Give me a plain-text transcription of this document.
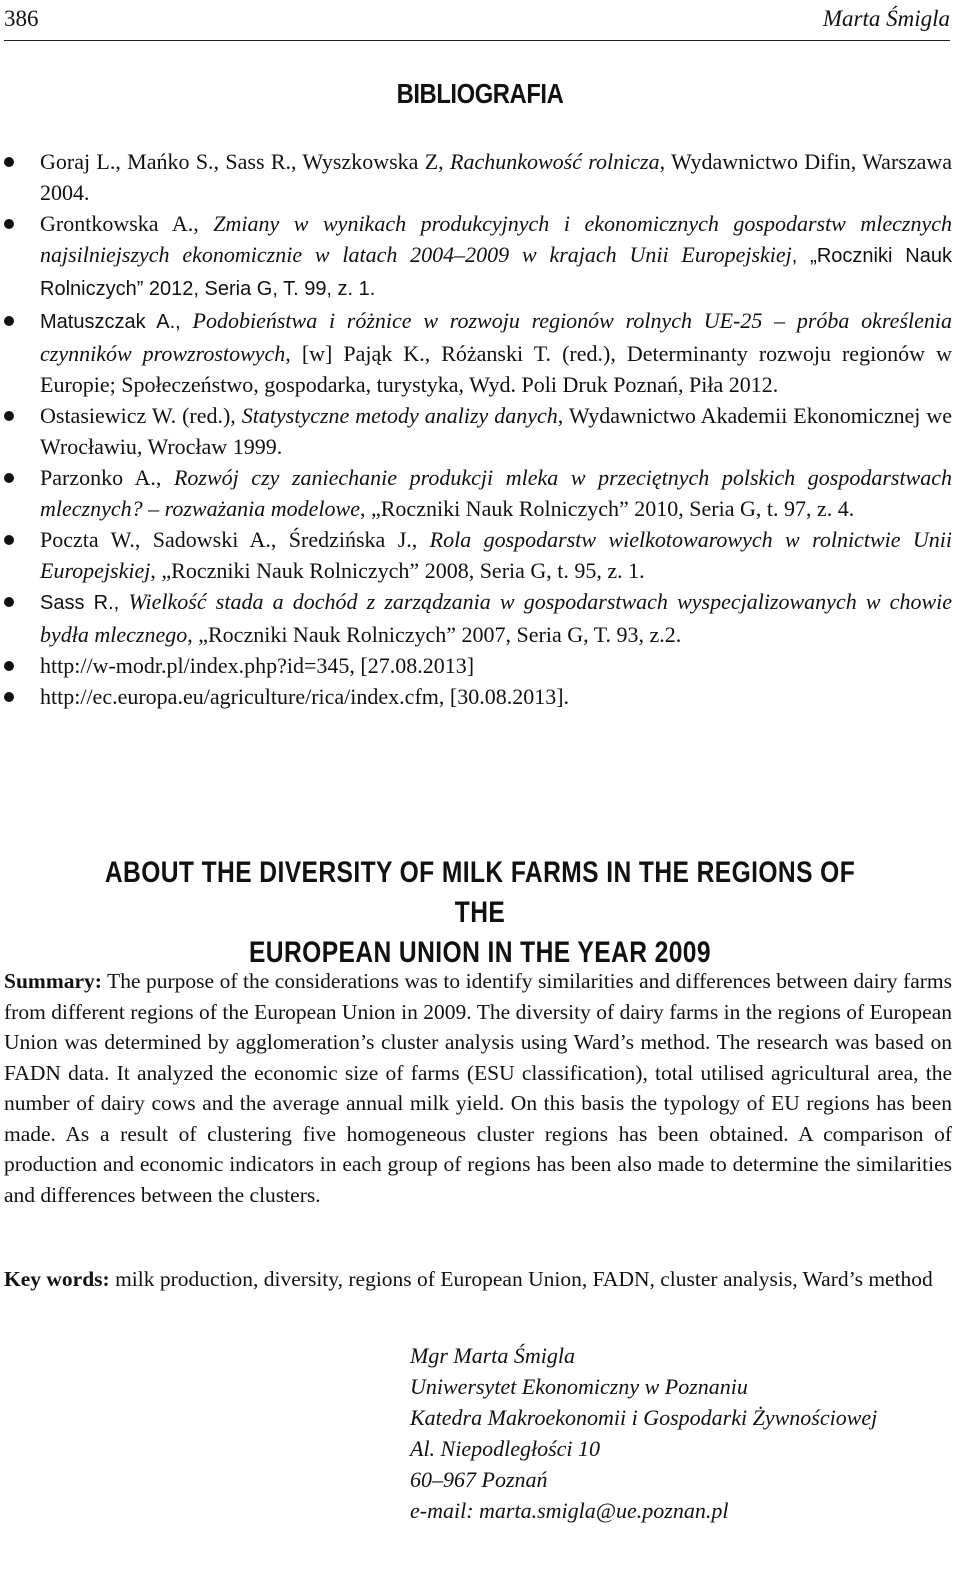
386	Marta Śmigla
BIBLIOGRAFIA
Goraj L., Mańko S., Sass R., Wyszkowska Z, Rachunkowość rolnicza, Wydawnictwo Difin, Warszawa 2004.
Grontkowska A., Zmiany w wynikach produkcyjnych i ekonomicznych gospodarstw mlecznych najsilniejszych ekonomicznie w latach 2004–2009 w krajach Unii Europejskiej, „Roczniki Nauk Rolniczych” 2012, Seria G, T. 99, z. 1.
Matuszczak A., Podobieństwa i różnice w rozwoju regionów rolnych UE-25 – próba określenia czynników prowzrostowych, [w] Pająk K., Różanski T. (red.), Determinanty rozwoju regionów w Europie; Społeczeństwo, gospodarka, turystyka, Wyd. Poli Druk Poznań, Piła 2012.
Ostasiewicz W. (red.), Statystyczne metody analizy danych, Wydawnictwo Akademii Ekonomicznej we Wrocławiu, Wrocław 1999.
Parzonko A., Rozwój czy zaniechanie produkcji mleka w przeciętnych polskich gospodarstwach mlecznych? – rozważania modelowe, „Roczniki Nauk Rolniczych” 2010, Seria G, t. 97, z. 4.
Poczta W., Sadowski A., Średzińska J., Rola gospodarstw wielkotowarowych w rolnictwie Unii Europejskiej, „Roczniki Nauk Rolniczych” 2008, Seria G, t. 95, z. 1.
Sass R., Wielkość stada a dochód z zarządzania w gospodarstwach wyspecjalizowanych w chowie bydła mlecznego, „Roczniki Nauk Rolniczych” 2007, Seria G, T. 93, z.2.
http://w-modr.pl/index.php?id=345, [27.08.2013]
http://ec.europa.eu/agriculture/rica/index.cfm, [30.08.2013].
ABOUT THE DIVERSITY OF MILK FARMS IN THE REGIONS OF THE
EUROPEAN UNION IN THE YEAR 2009

Summary: The purpose of the considerations was to identify similarities and differences between dairy farms from different regions of the European Union in 2009. The diversity of dairy farms in the regions of European Union was determined by agglomeration’s cluster analysis using Ward’s method. The research was based on FADN data. It analyzed the economic size of farms (ESU classification), total utilised agricultural area, the number of dairy cows and the average annual milk yield. On this basis the typology of EU regions has been made. As a result of clustering five homogeneous cluster regions has been obtained. A comparison of production and economic indicators in each group of regions has been also made to determine the similarities and differences between the clusters.

Key words: milk production, diversity, regions of European Union, FADN, cluster analysis, Ward’s method

Mgr Marta Śmigla
Uniwersytet Ekonomiczny w Poznaniu
Katedra Makroekonomii i Gospodarki Żywnościowej
Al. Niepodległości 10
60–967 Poznań
e-mail: marta.smigla@ue.poznan.pl
